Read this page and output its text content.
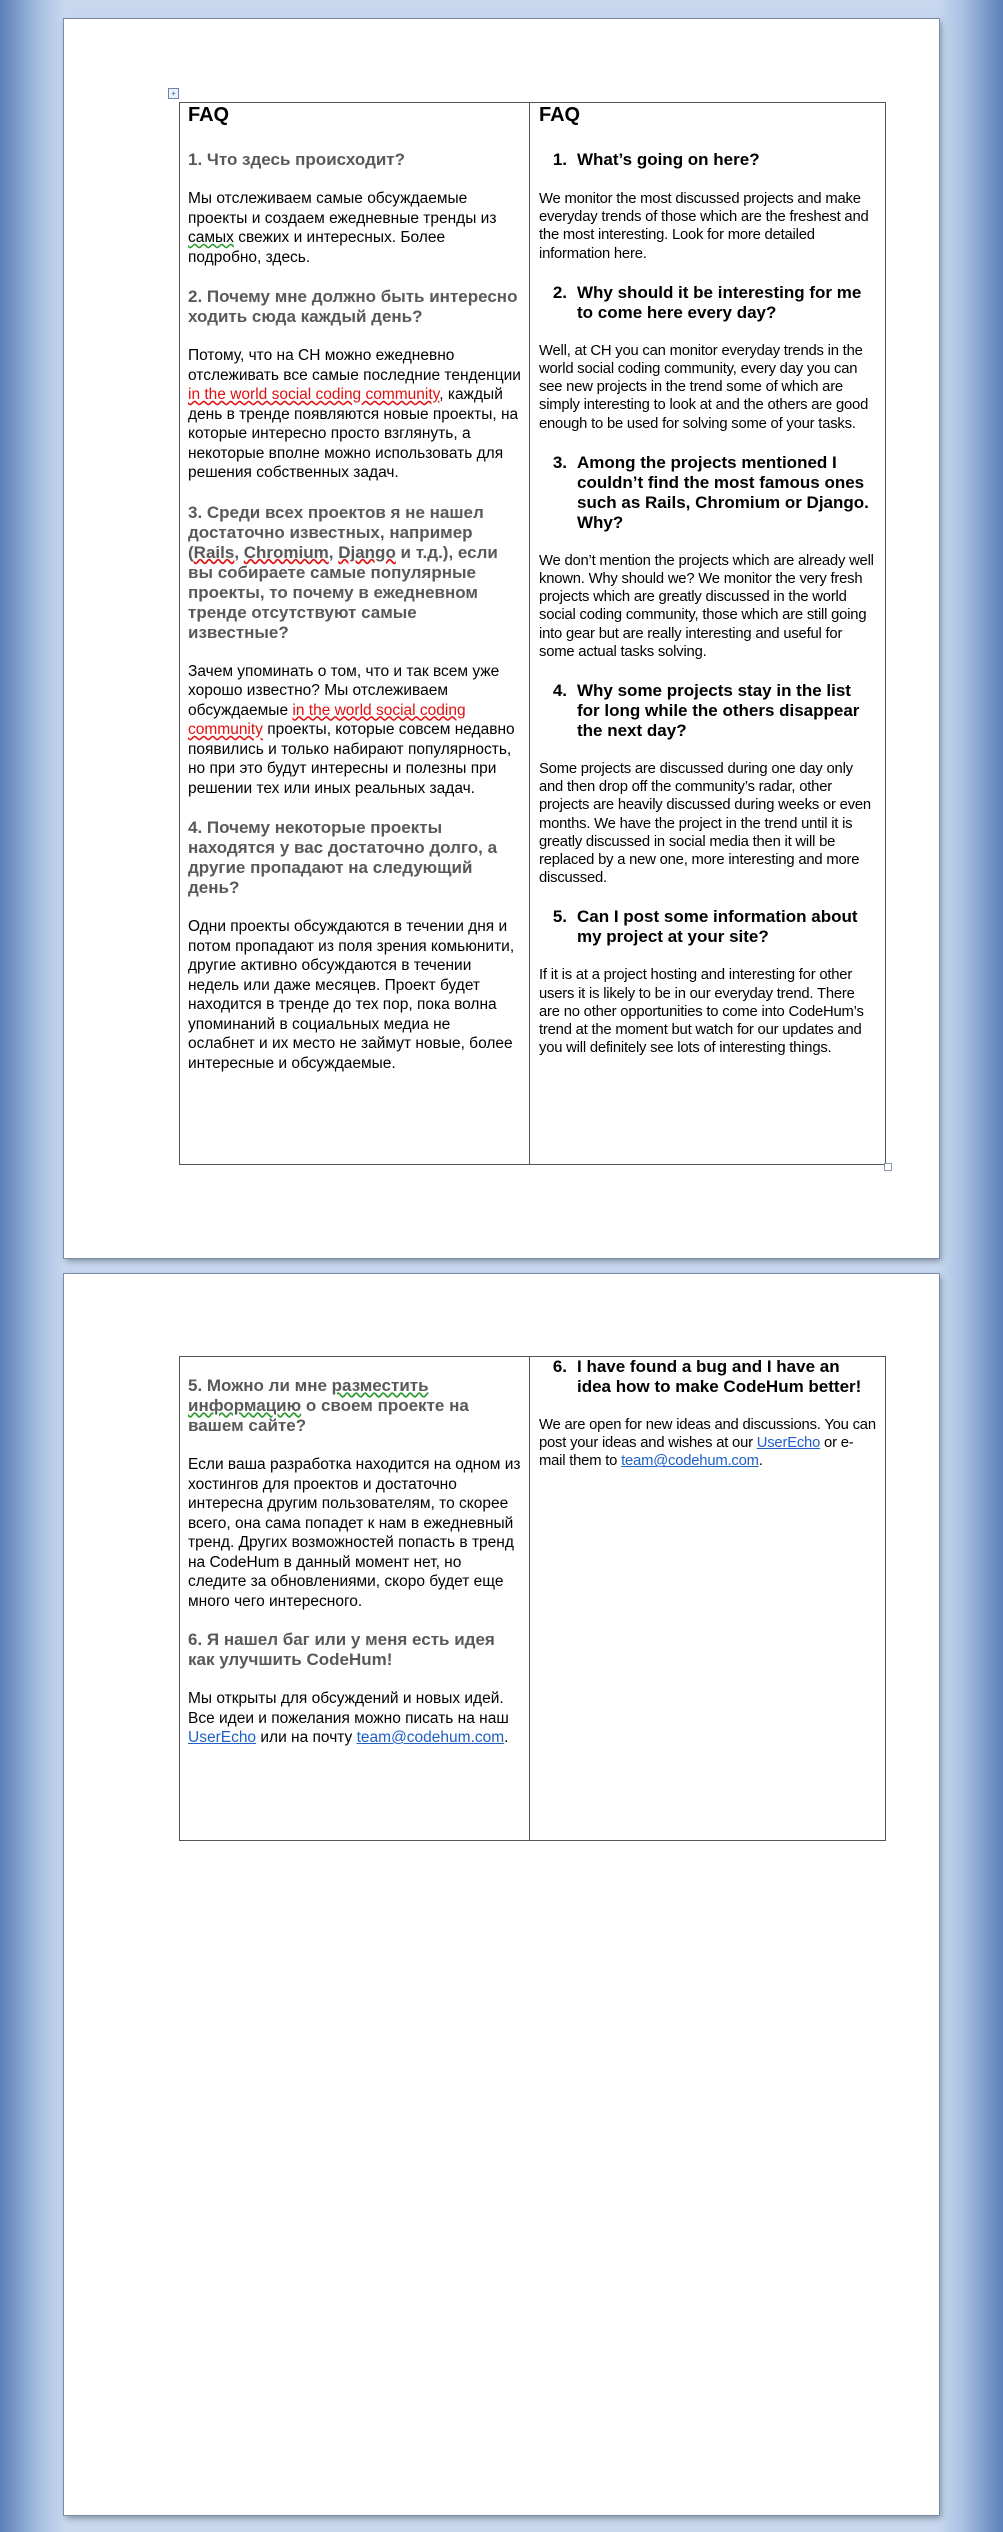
+

FAQ

1. Что здесь происходит?

Мы отслеживаем самые обсуждаемые проекты и создаем ежедневные тренды из самых свежих и интересных. Более подробно, здесь.

2. Почему мне должно быть интересно ходить сюда каждый день?

Потому, что на СН можно ежедневно отслеживать все самые последние тенденции in the world social coding community, каждый день в тренде появляются новые проекты, на которые интересно просто взглянуть, а некоторые вполне можно использовать для решения собственных задач.

3. Среди всех проектов я не нашел достаточно известных, например (Rails, Chromium, Django и т.д.), если вы собираете самые популярные проекты, то почему в ежедневном тренде отсутствуют самые известные?

Зачем упоминать о том, что и так всем уже хорошо известно? Мы отслеживаем обсуждаемые in the world social coding community проекты, которые совсем недавно появились и только набирают популярность, но при это будут интересны и полезны при решении тех или иных реальных задач.

4. Почему некоторые проекты находятся у вас достаточно долго, а другие пропадают на следующий день?

Одни проекты обсуждаются в течении дня и потом пропадают из поля зрения комьюнити, другие активно обсуждаются в течении недель или даже месяцев. Проект будет находится в тренде до тех пор, пока волна упоминаний в социальных медиа не ослабнет и их место не займут новые, более интересные и обсуждаемые.

FAQ

1. What’s going on here?

We monitor the most discussed projects and make everyday trends of those which are the freshest and the most interesting. Look for more detailed information here.

2. Why should it be interesting for me to come here every day?

Well, at CH you can monitor everyday trends in the world social coding community, every day you can see new projects in the trend some of which are simply interesting to look at and the others are good enough to be used for solving some of your tasks.

3. Among the projects mentioned I couldn’t find the most famous ones such as Rails, Chromium or Django. Why?

We don’t mention the projects which are already well known. Why should we? We monitor the very fresh projects which are greatly discussed in the world social coding community, those which are still going into gear but are really interesting and useful for some actual tasks solving.

4. Why some projects stay in the list for long while the others disappear the next day?

Some projects are discussed during one day only and then drop off the community’s radar, other projects are heavily discussed during weeks or even months. We have the project in the trend until it is greatly discussed in social media then it will be replaced by a new one, more interesting and more discussed.

5. Can I post some information about my project at your site?

If it is at a project hosting and interesting for other users it is likely to be in our everyday trend. There are no other opportunities to come into CodeHum’s trend at the moment but watch for our updates and you will definitely see lots of interesting things.

5. Можно ли мне разместить информацию о своем проекте на вашем сайте?

Если ваша разработка находится на одном из хостингов для проектов и достаточно интересна другим пользователям, то скорее всего, она сама попадет к нам в ежедневный тренд. Других возможностей попасть в тренд на CodeHum в данный момент нет, но следите за обновлениями, скоро будет еще много чего интересного.

6. Я нашел баг или у меня есть идея как улучшить CodeHum!

Мы открыты для обсуждений и новых идей. Все идеи и пожелания можно писать на наш UserEcho или на почту team@codehum.com.

6. I have found a bug and I have an idea how to make CodeHum better!

We are open for new ideas and discussions. You can post your ideas and wishes at our UserEcho or e-mail them to team@codehum.com.
